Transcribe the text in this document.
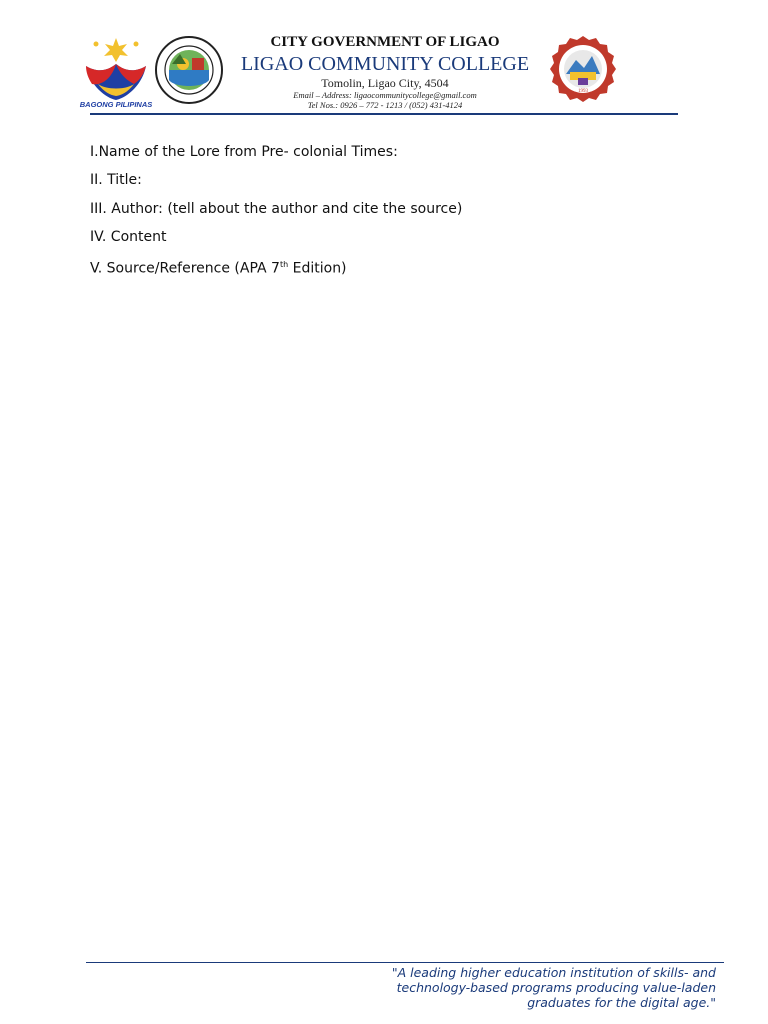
BAGONG PILIPINAS
CITY GOVERNMENT OF LIGAO
LIGAO COMMUNITY COLLEGE
Tomolin, Ligao City, 4504
Email – Address: ligaocommunitycollege@gmail.com
Tel Nos.: 0926 – 772 - 1213 / (052) 431-4124
1993
I.Name of the Lore from Pre- colonial Times:
II. Title:
III. Author: (tell about the author and cite the source)
IV. Content
V. Source/Reference (APA 7th Edition)
"A leading higher education institution of skills- and
technology-based programs producing value-laden
graduates for the digital age."
